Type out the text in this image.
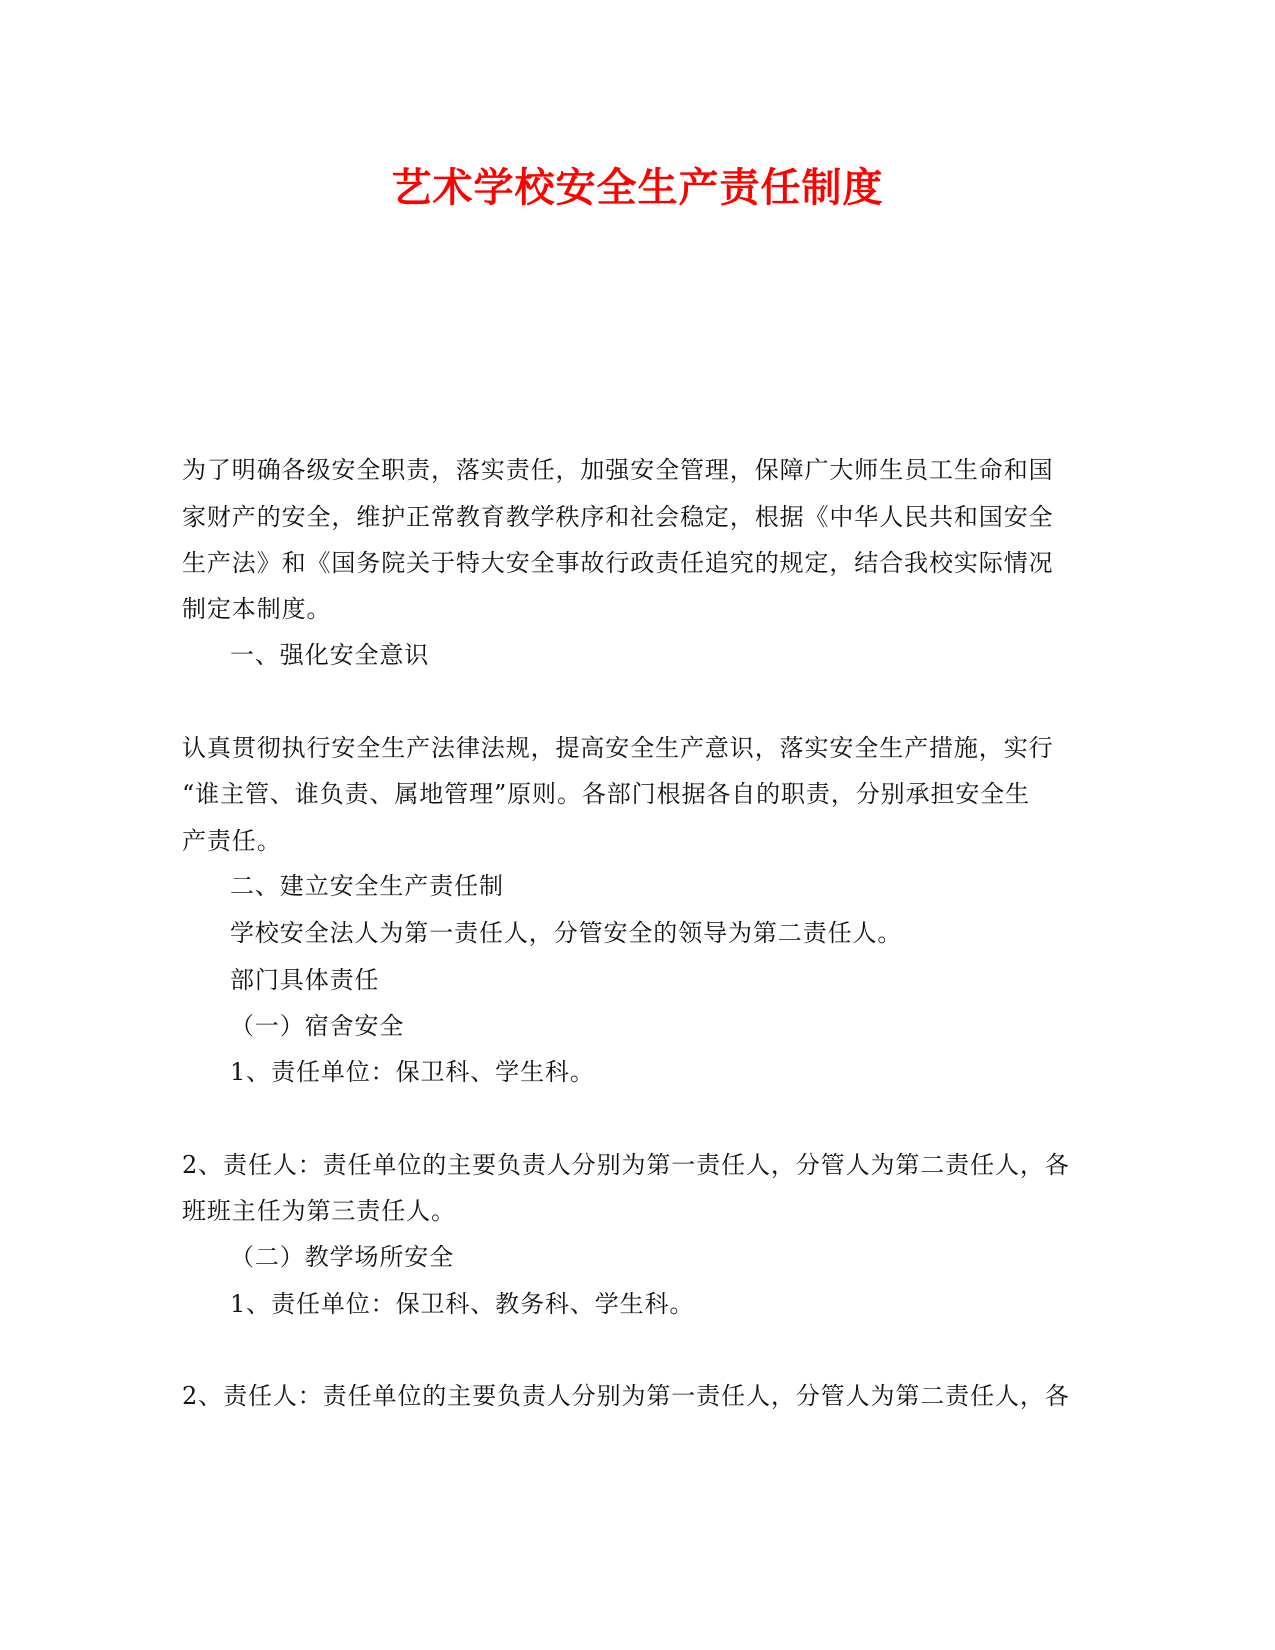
艺术学校安全生产责任制度
为了明确各级安全职责，落实责任，加强安全管理，保障广大师生员工生命和国
家财产的安全，维护正常教育教学秩序和社会稳定，根据《中华人民共和国安全
生产法》和《国务院关于特大安全事故行政责任追究的规定，结合我校实际情况
制定本制度。
一、强化安全意识
认真贯彻执行安全生产法律法规，提高安全生产意识，落实安全生产措施，实行
“谁主管、谁负责、属地管理”原则。各部门根据各自的职责，分别承担安全生
产责任。
二、建立安全生产责任制
学校安全法人为第一责任人，分管安全的领导为第二责任人。
部门具体责任
（一）宿舍安全
1、责任单位：保卫科、学生科。
2、责任人：责任单位的主要负责人分别为第一责任人，分管人为第二责任人，各
班班主任为第三责任人。
（二）教学场所安全
1、责任单位：保卫科、教务科、学生科。
2、责任人：责任单位的主要负责人分别为第一责任人，分管人为第二责任人，各
